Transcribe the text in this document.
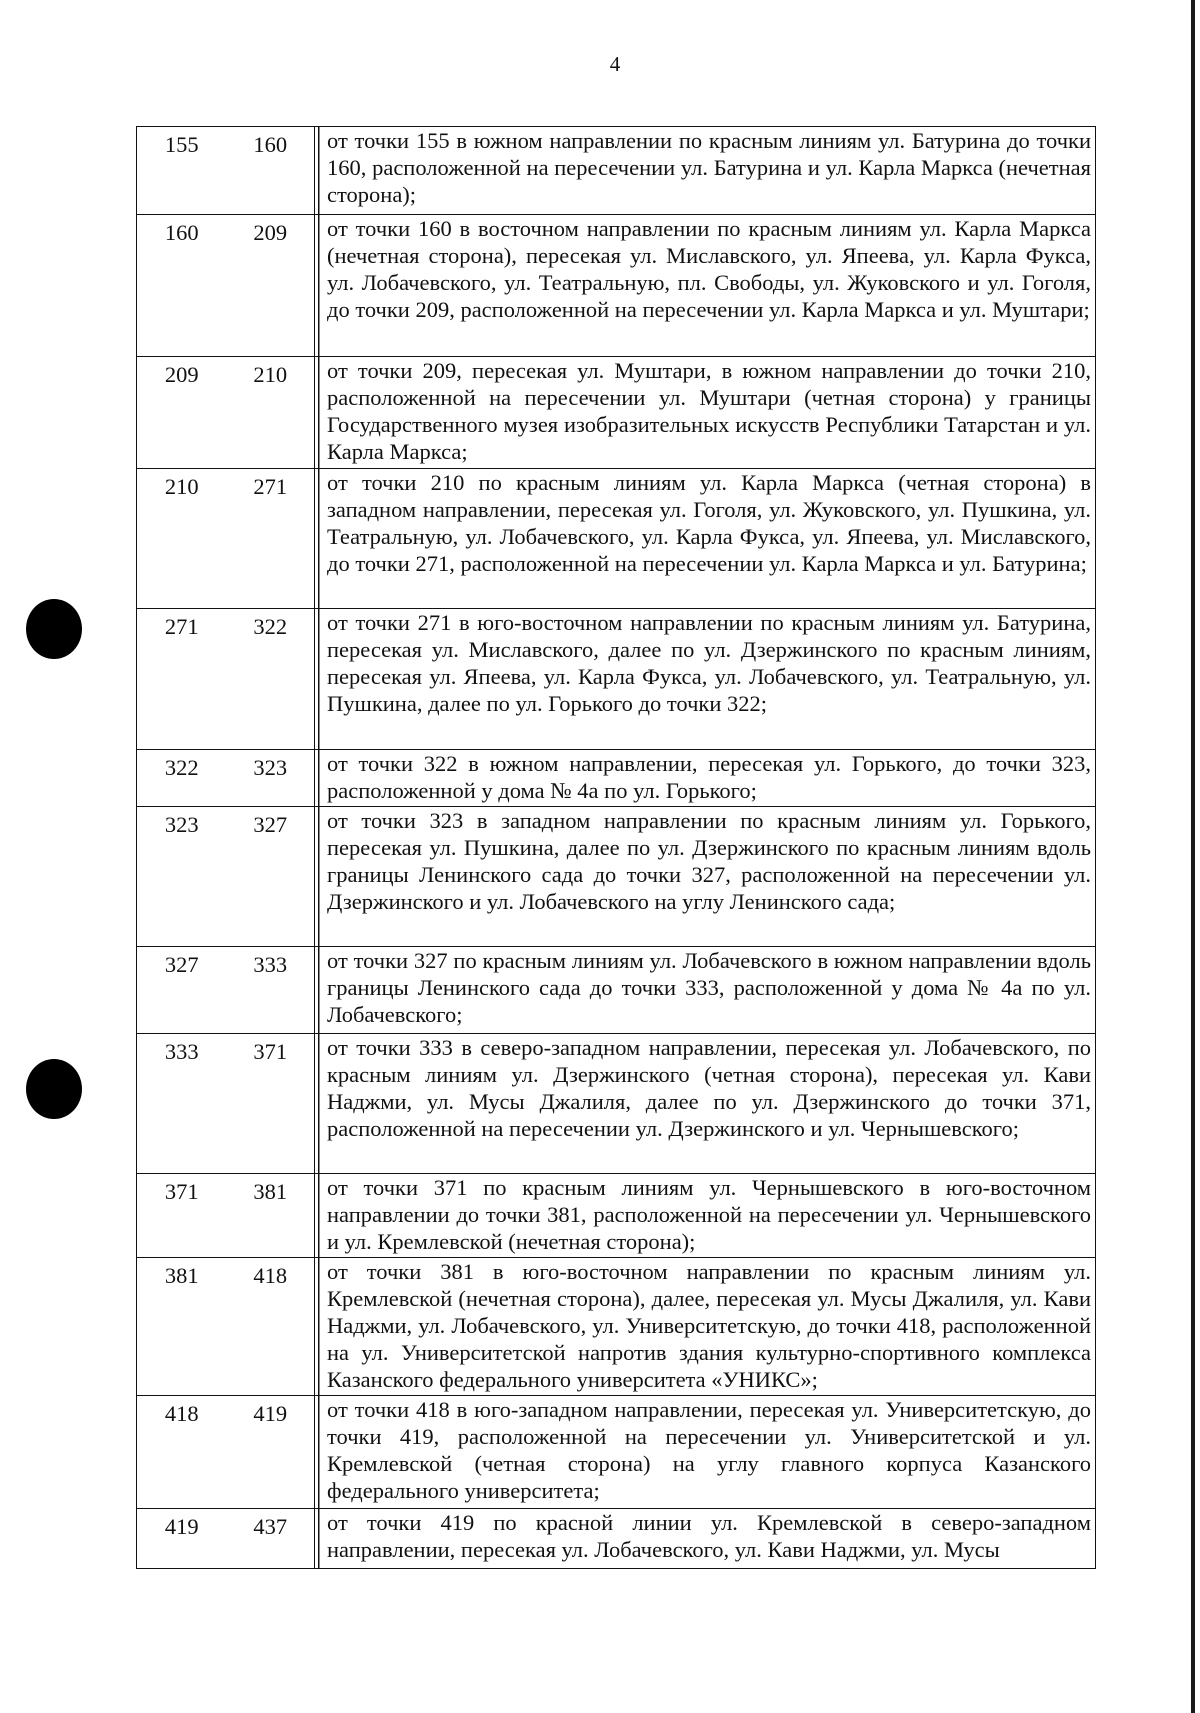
4
155	160	от точки 155 в южном направлении по красным линиям ул. Батурина до точки 160, расположенной на пересечении ул. Батурина и ул. Карла Маркса (нечетная сторона);
160	209	от точки 160 в восточном направлении по красным линиям ул. Карла Маркса (нечетная сторона), пересекая ул. Миславского, ул. Япеева, ул. Карла Фукса, ул. Лобачевского, ул. Театральную, пл. Свободы, ул. Жуковского и ул. Гоголя, до точки 209, расположенной на пересечении ул. Карла Маркса и ул. Муштари;
209	210	от точки 209, пересекая ул. Муштари, в южном направлении до точки 210, расположенной на пересечении ул. Муштари (четная сторона) у границы Государственного музея изобразительных искусств Республики Татарстан и ул. Карла Маркса;
210	271	от точки 210 по красным линиям ул. Карла Маркса (четная сторона) в западном направлении, пересекая ул. Гоголя, ул. Жуковского, ул. Пушкина, ул. Театральную, ул. Лобачевского, ул. Карла Фукса, ул. Япеева, ул. Миславского, до точки 271, расположенной на пересечении ул. Карла Маркса и ул. Батурина;
271	322	от точки 271 в юго-восточном направлении по красным линиям ул. Батурина, пересекая ул. Миславского, далее по ул. Дзержинского по красным линиям, пересекая ул. Япеева, ул. Карла Фукса, ул. Лобачевского, ул. Театральную, ул. Пушкина, далее по ул. Горького до точки 322;
322	323	от точки 322 в южном направлении, пересекая ул. Горького, до точки 323, расположенной у дома № 4а по ул. Горького;
323	327	от точки 323 в западном направлении по красным линиям ул. Горького, пересекая ул. Пушкина, далее по ул. Дзержинского по красным линиям вдоль границы Ленинского сада до точки 327, расположенной на пересечении ул. Дзержинского и ул. Лобачевского на углу Ленинского сада;
327	333	от точки 327 по красным линиям ул. Лобачевского в южном направлении вдоль границы Ленинского сада до точки 333, расположенной у дома № 4а по ул. Лобачевского;
333	371	от точки 333 в северо-западном направлении, пересекая ул. Лобачевского, по красным линиям ул. Дзержинского (четная сторона), пересекая ул. Кави Наджми, ул. Мусы Джалиля, далее по ул. Дзержинского до точки 371, расположенной на пересечении ул. Дзержинского и ул. Чернышевского;
371	381	от точки 371 по красным линиям ул. Чернышевского в юго-восточном направлении до точки 381, расположенной на пересечении ул. Чернышевского и ул. Кремлевской (нечетная сторона);
381	418	от точки 381 в юго-восточном направлении по красным линиям ул. Кремлевской (нечетная сторона), далее, пересекая ул. Мусы Джалиля, ул. Кави Наджми, ул. Лобачевского, ул. Университетскую, до точки 418, расположенной на ул. Университетской напротив здания культурно-спортивного комплекса Казанского федерального университета «УНИКС»;
418	419	от точки 418 в юго-западном направлении, пересекая ул. Университетскую, до точки 419, расположенной на пересечении ул. Университетской и ул. Кремлевской (четная сторона) на углу главного корпуса Казанского федерального университета;
419	437	от точки 419 по красной линии ул. Кремлевской в северо-западном направлении, пересекая ул. Лобачевского, ул. Кави Наджми, ул. Мусы
